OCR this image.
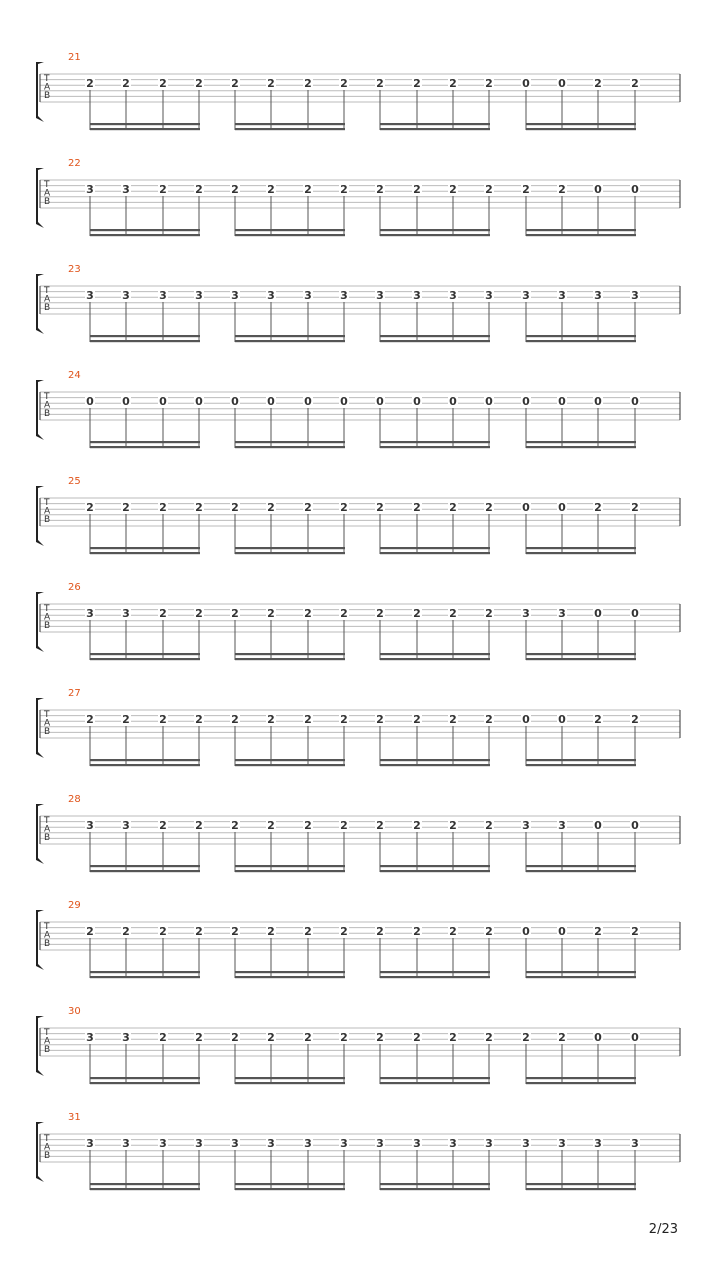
21
T
A
B
2	2	2	2	2	2	2	2	2	2	2	2	0	0	2	2
22
T
A
B
3	3	2	2	2	2	2	2	2	2	2	2	2	2	0	0
23
T
A
B
3	3	3	3	3	3	3	3	3	3	3	3	3	3	3	3
24
T
A
B
0	0	0	0	0	0	0	0	0	0	0	0	0	0	0	0
25
T
A
B
2	2	2	2	2	2	2	2	2	2	2	2	0	0	2	2
26
T
A
B
3	3	2	2	2	2	2	2	2	2	2	2	3	3	0	0
27
T
A
B
2	2	2	2	2	2	2	2	2	2	2	2	0	0	2	2
28
T
A
B
3	3	2	2	2	2	2	2	2	2	2	2	3	3	0	0
29
T
A
B
2	2	2	2	2	2	2	2	2	2	2	2	0	0	2	2
30
T
A
B
3	3	2	2	2	2	2	2	2	2	2	2	2	2	0	0
31
T
A
B
3	3	3	3	3	3	3	3	3	3	3	3	3	3	3	3
2/23
